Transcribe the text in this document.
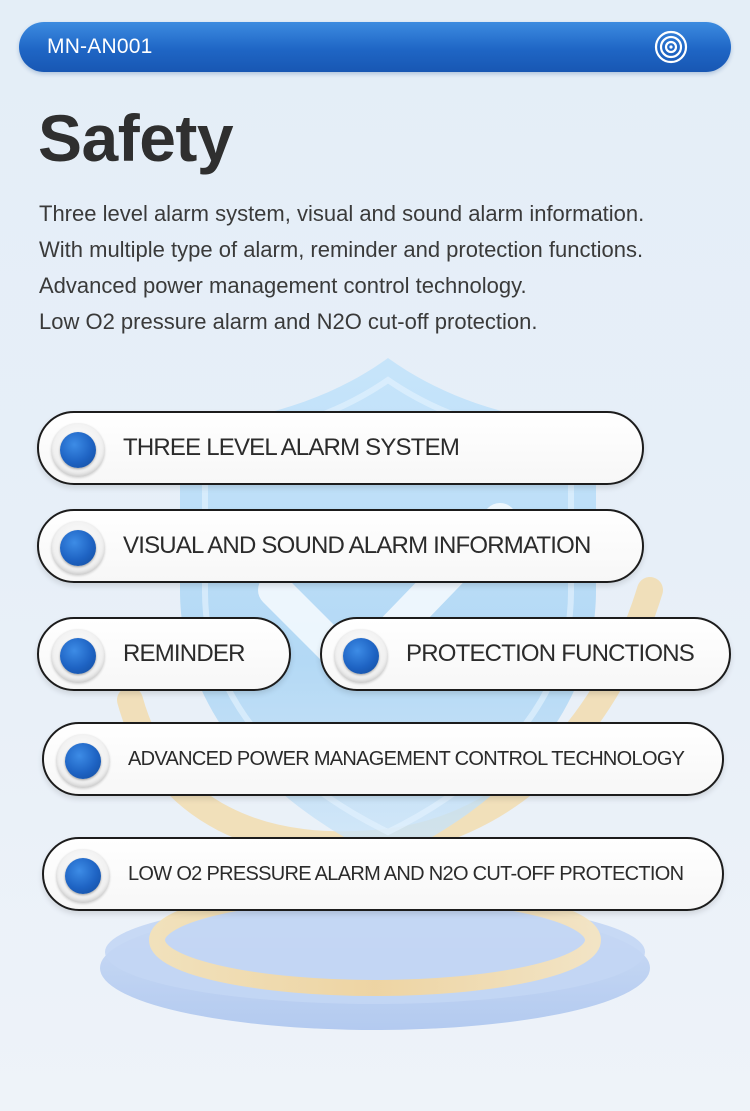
MN-AN001
Safety
Three level alarm system, visual and sound alarm information.
With multiple type of alarm, reminder and protection functions.
Advanced power management control technology.
Low O2 pressure alarm and N2O cut-off protection.
THREE LEVEL ALARM SYSTEM
VISUAL AND SOUND ALARM INFORMATION
REMINDER	PROTECTION FUNCTIONS
ADVANCED POWER MANAGEMENT CONTROL TECHNOLOGY
LOW O2 PRESSURE ALARM AND N2O CUT-OFF PROTECTION
